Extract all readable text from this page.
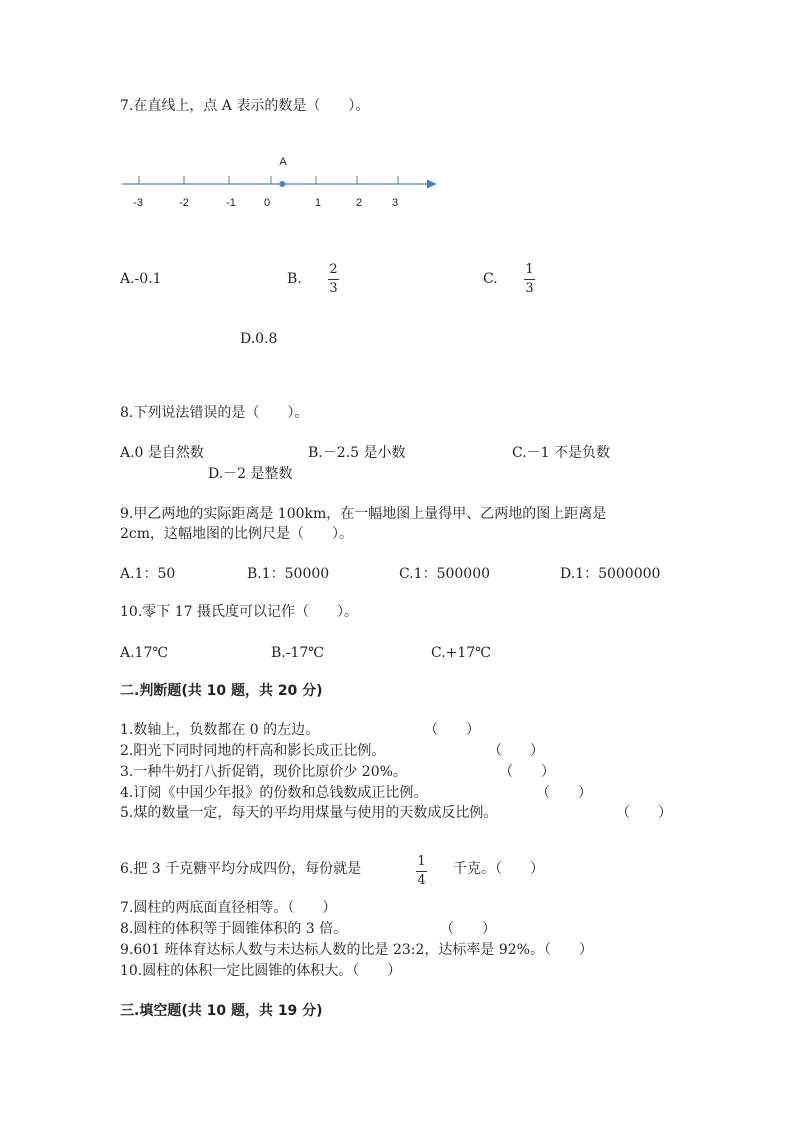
7.在直线上，点 A 表示的数是（　　）。
-3	-2	-1	0	1	2	3
A
A.-0.1	B.
2
3
C.
1
3
D.0.8
8.下列说法错误的是（　　）。
A.0 是自然数	B.－2.5 是小数	C.－1 不是负数
D.－2 是整数
9.甲乙两地的实际距离是 100km，在一幅地图上量得甲、乙两地的图上距离是
2cm，这幅地图的比例尺是（　　）。
A.1：50	B.1：50000	C.1：500000	D.1：5000000
10.零下 17 摄氏度可以记作（　　）。
A.17℃	B.-17℃	C.+17℃
二.判断题(共 10 题，共 20 分)
1.数轴上，负数都在 0 的左边。	（　　）
2.阳光下同时同地的杆高和影长成正比例。	（　　）
3.一种牛奶打八折促销，现价比原价少 20%。	（　　）
4.订阅《中国少年报》的份数和总钱数成正比例。	（　　）
5.煤的数量一定，每天的平均用煤量与使用的天数成反比例。	（　　）
6.把 3 千克糖平均分成四份，每份就是	1
4
千克。（　　）
7.圆柱的两底面直径相等。（　　）
8.圆柱的体积等于圆锥体积的 3 倍。	（　　）
9.601 班体育达标人数与未达标人数的比是 23:2，达标率是 92%。（　　）
10.圆柱的体积一定比圆锥的体积大。（　　）
三.填空题(共 10 题，共 19 分)
